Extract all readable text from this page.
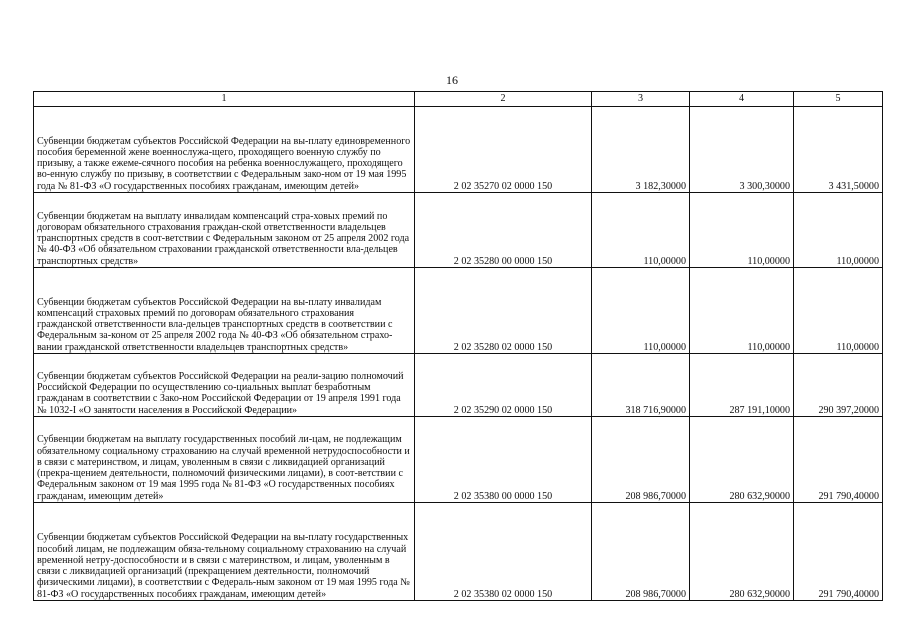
16
1	2	3	4	5
Субвенции бюджетам субъектов Российской Федерации на вы-плату единовременного пособия беременной жене военнослужа-щего, проходящего военную службу по призыву, а также ежеме-сячного пособия на ребенка военнослужащего, проходящего во-енную службу по призыву, в соответствии с Федеральным зако-ном от 19 мая 1995 года № 81-ФЗ «О государственных пособиях гражданам, имеющим детей»	2 02 35270 02 0000 150	3 182,30000	3 300,30000	3 431,50000
Субвенции бюджетам на выплату инвалидам компенсаций стра-ховых премий по договорам обязательного страхования граждан-ской ответственности владельцев транспортных средств в соот-ветствии с Федеральным законом от 25 апреля 2002 года № 40-ФЗ «Об обязательном страховании гражданской ответственности вла-дельцев транспортных средств»	2 02 35280 00 0000 150	110,00000	110,00000	110,00000
Субвенции бюджетам субъектов Российской Федерации на вы-плату инвалидам компенсаций страховых премий по договорам обязательного страхования гражданской ответственности вла-дельцев транспортных средств в соответствии с Федеральным за-коном от 25 апреля 2002 года № 40-ФЗ «Об обязательном страхо-вании гражданской ответственности владельцев транспортных средств»	2 02 35280 02 0000 150	110,00000	110,00000	110,00000
Субвенции бюджетам субъектов Российской Федерации на реали-зацию полномочий Российской Федерации по осуществлению со-циальных выплат безработным гражданам в соответствии с Зако-ном Российской Федерации от 19 апреля 1991 года № 1032-I «О занятости населения в Российской Федерации»	2 02 35290 02 0000 150	318 716,90000	287 191,10000	290 397,20000
Субвенции бюджетам на выплату государственных пособий ли-цам, не подлежащим обязательному социальному страхованию на случай временной нетрудоспособности и в связи с материнством, и лицам, уволенным в связи с ликвидацией организаций (прекра-щением деятельности, полномочий физическими лицами), в соот-ветствии с Федеральным законом от 19 мая 1995 года № 81-ФЗ «О государственных пособиях гражданам, имеющим детей»	2 02 35380 00 0000 150	208 986,70000	280 632,90000	291 790,40000
Субвенции бюджетам субъектов Российской Федерации на вы-плату государственных пособий лицам, не подлежащим обяза-тельному социальному страхованию на случай временной нетру-доспособности и в связи с материнством, и лицам, уволенным в связи с ликвидацией организаций (прекращением деятельности, полномочий физическими лицами), в соответствии с Федераль-ным законом от 19 мая 1995 года № 81-ФЗ «О государственных пособиях гражданам, имеющим детей»	2 02 35380 02 0000 150	208 986,70000	280 632,90000	291 790,40000
